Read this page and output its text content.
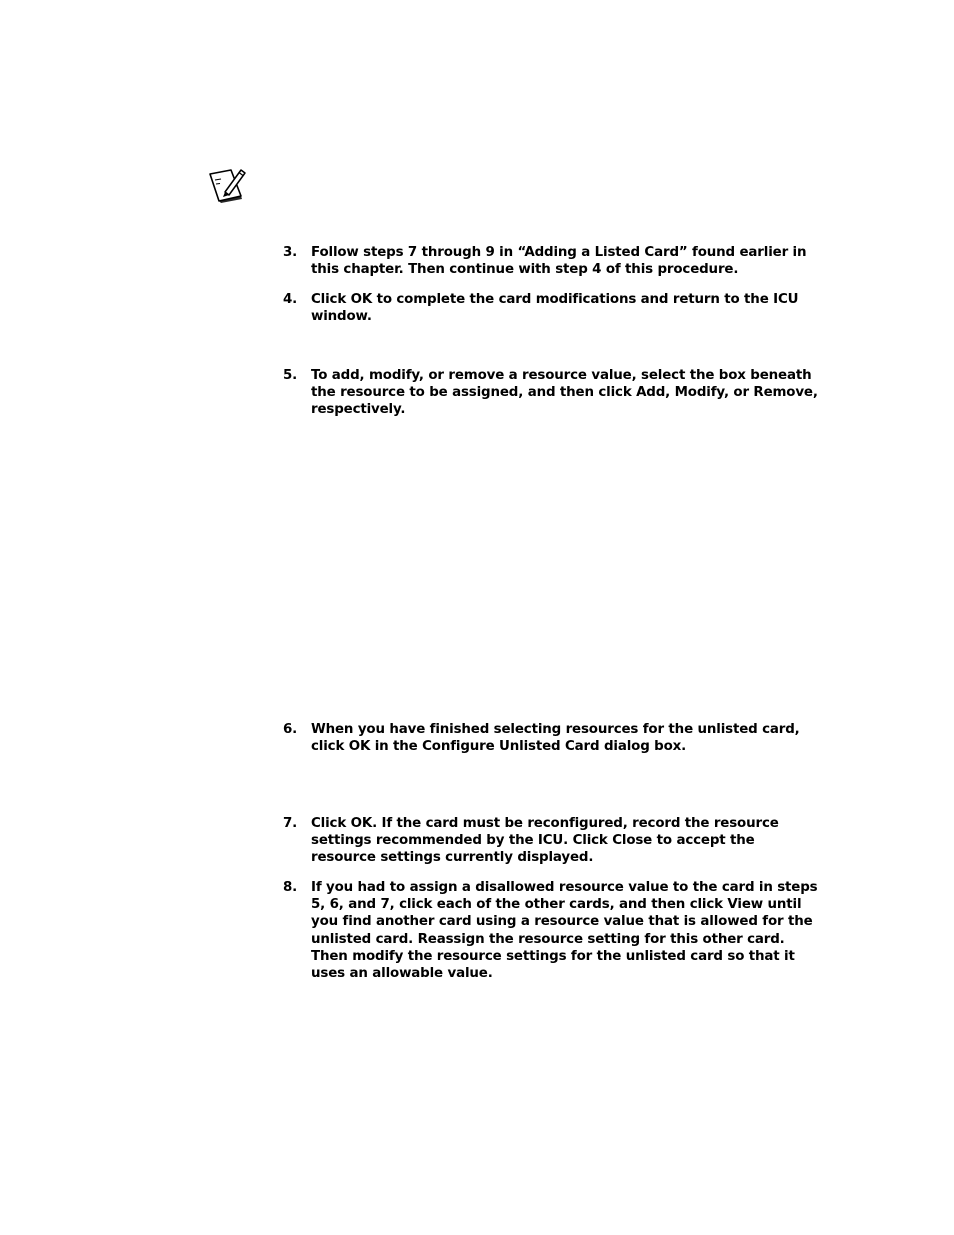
3.	Follow steps 7 through 9 in “Adding a Listed Card” found earlier in this chapter. Then continue with step 4 of this procedure.
4.	Click OK to complete the card modifications and return to the ICU window.
5.	To add, modify, or remove a resource value, select the box beneath the resource to be assigned, and then click Add, Modify, or Remove, respectively.
6.	When you have finished selecting resources for the unlisted card, click OK in the Configure Unlisted Card dialog box.
7.	Click OK. If the card must be reconfigured, record the resource settings recommended by the ICU. Click Close to accept the resource settings currently displayed.
8.	If you had to assign a disallowed resource value to the card in steps 5, 6, and 7, click each of the other cards, and then click View until you find another card using a resource value that is allowed for the unlisted card. Reassign the resource setting for this other card. Then modify the resource settings for the unlisted card so that it uses an allowable value.
